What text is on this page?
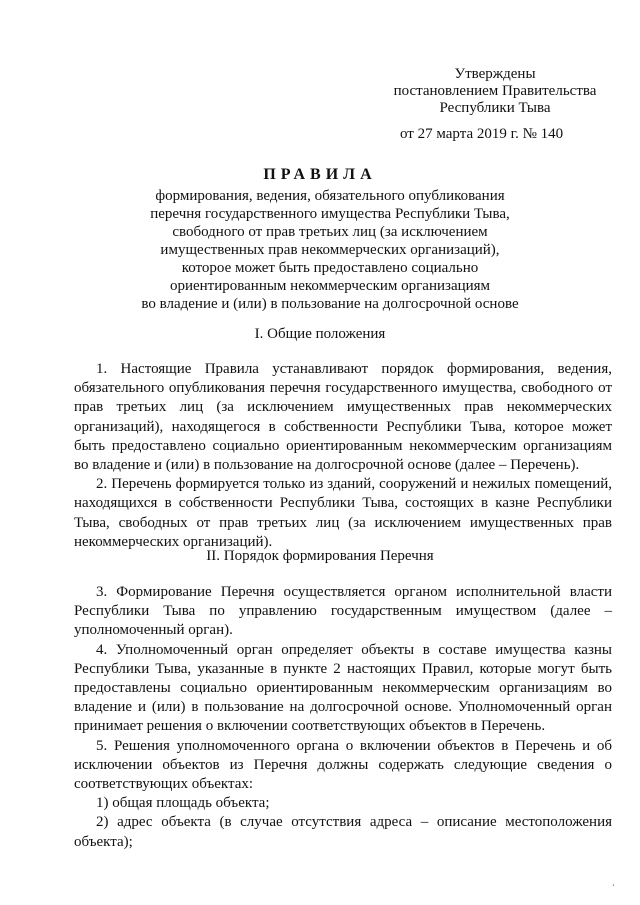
Утверждены
постановлением Правительства
Республики Тыва
от 27 марта 2019 г. № 140
ПРАВИЛА
формирования, ведения, обязательного опубликования
перечня государственного имущества Республики Тыва,
свободного от прав третьих лиц (за исключением
имущественных прав некоммерческих организаций),
которое может быть предоставлено социально
ориентированным некоммерческим организациям
во владение и (или) в пользование на долгосрочной основе
I. Общие положения

1. Настоящие Правила устанавливают порядок формирования, ведения, обязательного опубликования перечня государственного имущества, свободного от прав третьих лиц (за исключением имущественных прав некоммерческих организаций), находящегося в собственности Республики Тыва, которое может быть предоставлено социально ориентированным некоммерческим организациям во владение и (или) в пользование на долгосрочной основе (далее – Перечень).

2. Перечень формируется только из зданий, сооружений и нежилых помещений, находящихся в собственности Республики Тыва, состоящих в казне Республики Тыва, свободных от прав третьих лиц (за исключением имущественных прав некоммерческих организаций).

II. Порядок формирования Перечня

3. Формирование Перечня осуществляется органом исполнительной власти Республики Тыва по управлению государственным имуществом (далее – уполномоченный орган).

4. Уполномоченный орган определяет объекты в составе имущества казны Республики Тыва, указанные в пункте 2 настоящих Правил, которые могут быть предоставлены социально ориентированным некоммерческим организациям во владение и (или) в пользование на долгосрочной основе. Уполномоченный орган принимает решения о включении соответствующих объектов в Перечень.

5. Решения уполномоченного органа о включении объектов в Перечень и об исключении объектов из Перечня должны содержать следующие сведения о соответствующих объектах:

1) общая площадь объекта;

2) адрес объекта (в случае отсутствия адреса – описание местоположения объекта);

ʻ
